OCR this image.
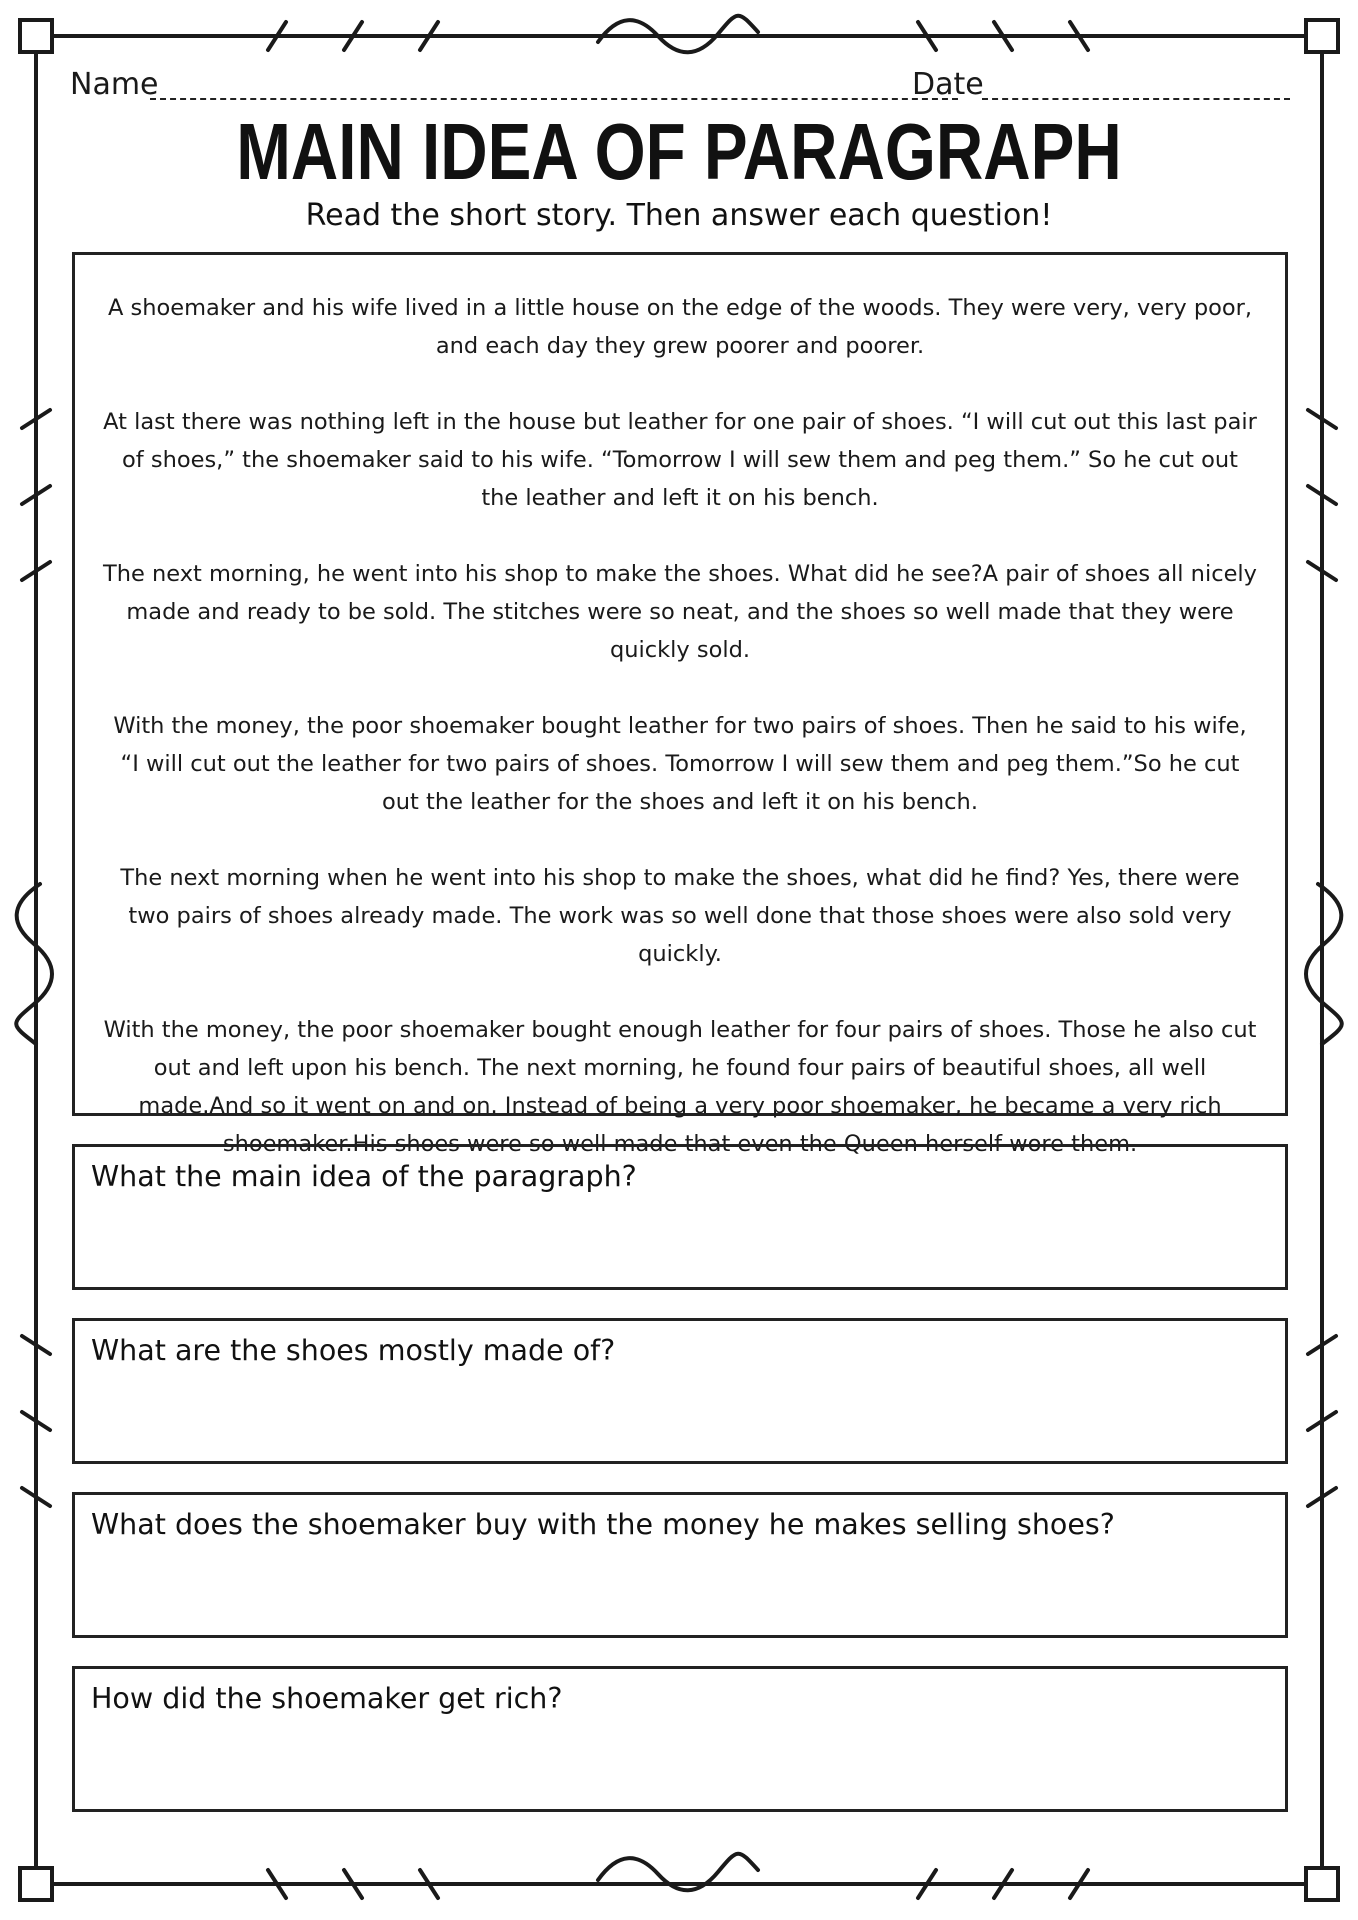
Name	Date
MAIN IDEA OF PARAGRAPH
Read the short story. Then answer each question!

A shoemaker and his wife lived in a little house on the edge of the woods. They were very, very poor, and each day they grew poorer and poorer.

At last there was nothing left in the house but leather for one pair of shoes. “I will cut out this last pair of shoes,” the shoemaker said to his wife. “Tomorrow I will sew them and peg them.” So he cut out the leather and left it on his bench.

The next morning, he went into his shop to make the shoes. What did he see?A pair of shoes all nicely made and ready to be sold. The stitches were so neat, and the shoes so well made that they were quickly sold.

With the money, the poor shoemaker bought leather for two pairs of shoes. Then he said to his wife, “I will cut out the leather for two pairs of shoes. Tomorrow I will sew them and peg them.”So he cut out the leather for the shoes and left it on his bench.

The next morning when he went into his shop to make the shoes, what did he find? Yes, there were two pairs of shoes already made. The work was so well done that those shoes were also sold very quickly.

With the money, the poor shoemaker bought enough leather for four pairs of shoes. Those he also cut out and left upon his bench. The next morning, he found four pairs of beautiful shoes, all well made.And so it went on and on. Instead of being a very poor shoemaker, he became a very rich shoemaker.His shoes were so well made that even the Queen herself wore them.

What the main idea of the paragraph?
What are the shoes mostly made of?
What does the shoemaker buy with the money he makes selling shoes?
How did the shoemaker get rich?
